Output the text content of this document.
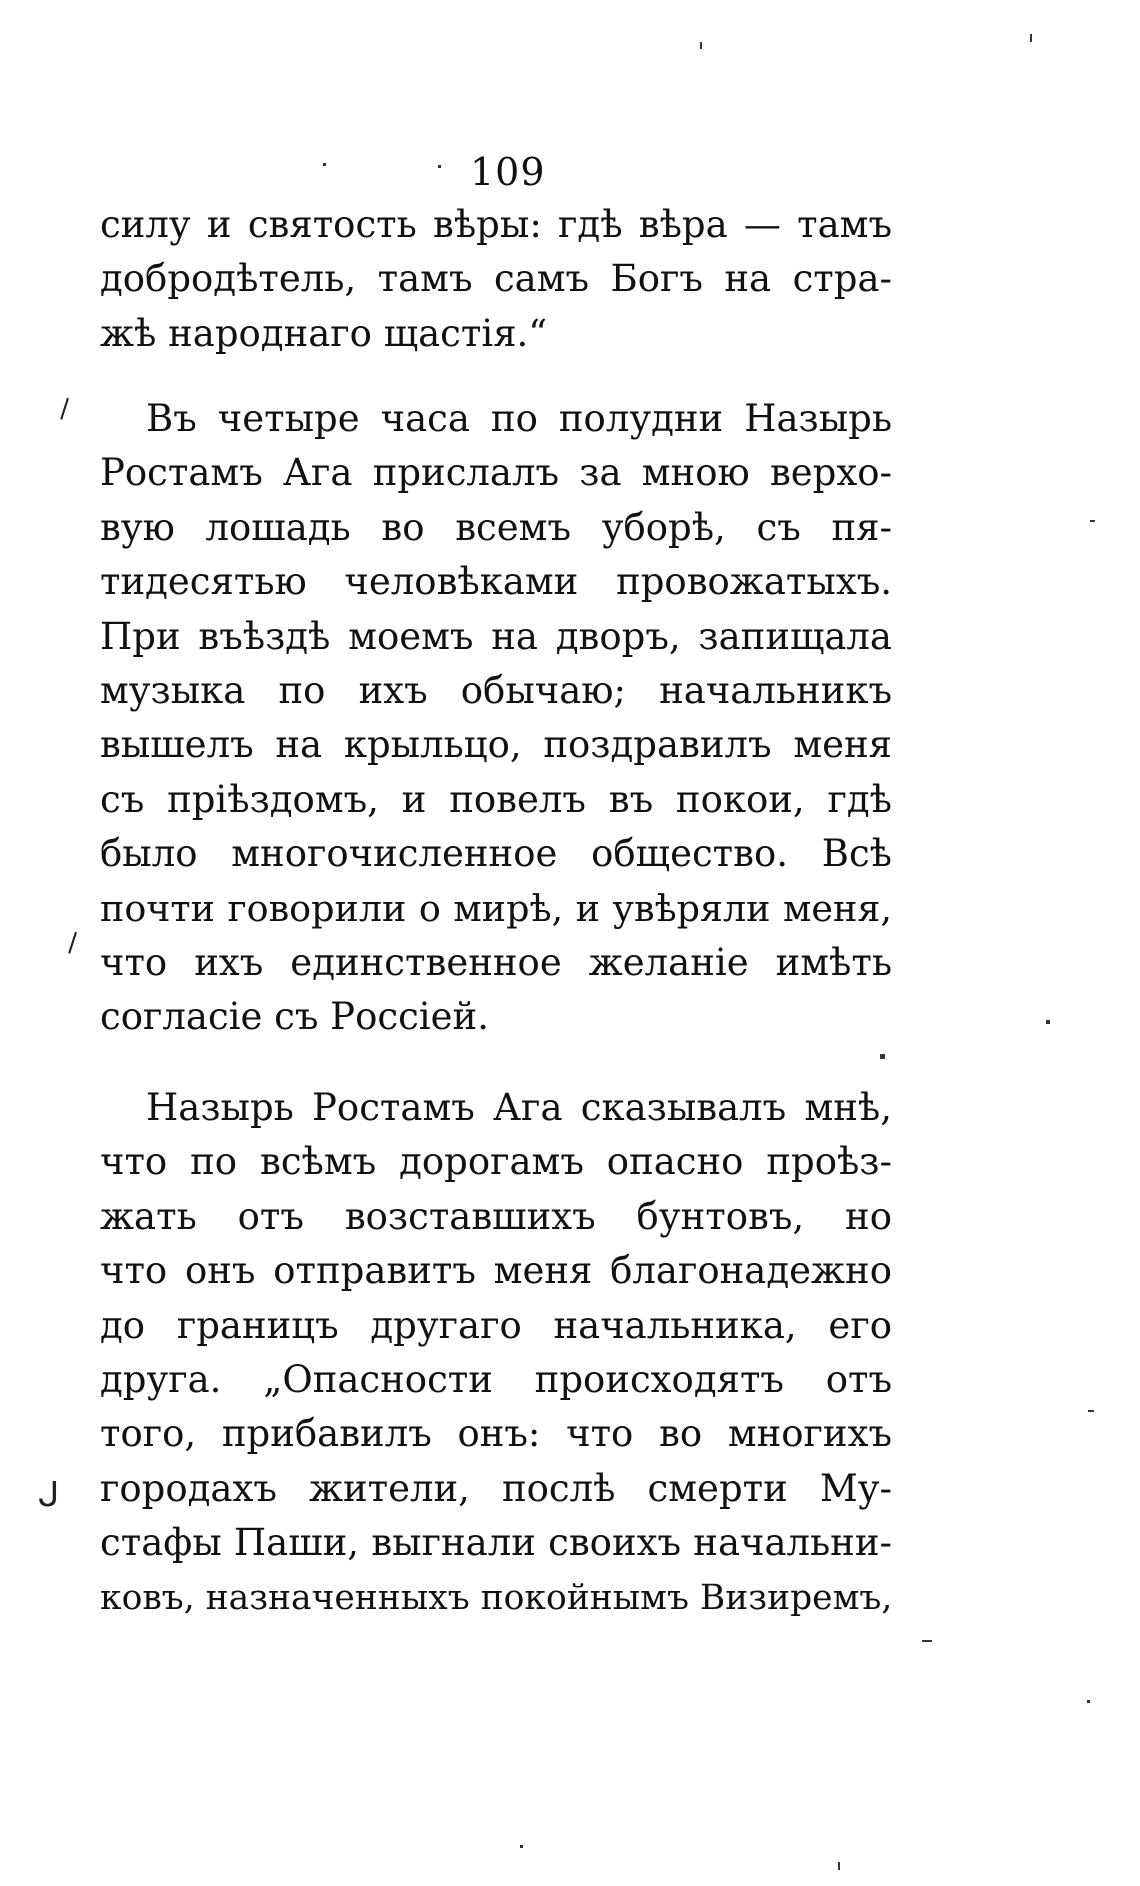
109
силу и святость вѣры: гдѣ вѣра — тамъ
добродѣтель, тамъ самъ Богъ на стра-
жѣ народнаго щастія.“
Въ четыре часа по полудни Назырь
Ростамъ Ага прислалъ за мною верхо-
вую лошадь во всемъ уборѣ, съ пя-
тидесятью человѣками провожатыхъ.
При въѣздѣ моемъ на дворъ, запищала
музыка по ихъ обычаю; начальникъ
вышелъ на крыльцо, поздравилъ меня
съ пріѣздомъ, и повелъ въ покои, гдѣ
было многочисленное общество. Всѣ
почти говорили о мирѣ, и увѣряли меня,
что ихъ единственное желаніе имѣть
согласіе съ Россіей.
Назырь Ростамъ Ага сказывалъ мнѣ,
что по всѣмъ дорогамъ опасно проѣз-
жать отъ возставшихъ бунтовъ, но
что онъ отправитъ меня благонадежно
до границъ другаго начальника, его
друга. „Опасности происходятъ отъ
того, прибавилъ онъ: что во многихъ
городахъ жители, послѣ смерти Му-
стафы Паши, выгнали своихъ начальни-
ковъ, назначенныхъ покойнымъ Визиремъ,
\
\
ᒍ
